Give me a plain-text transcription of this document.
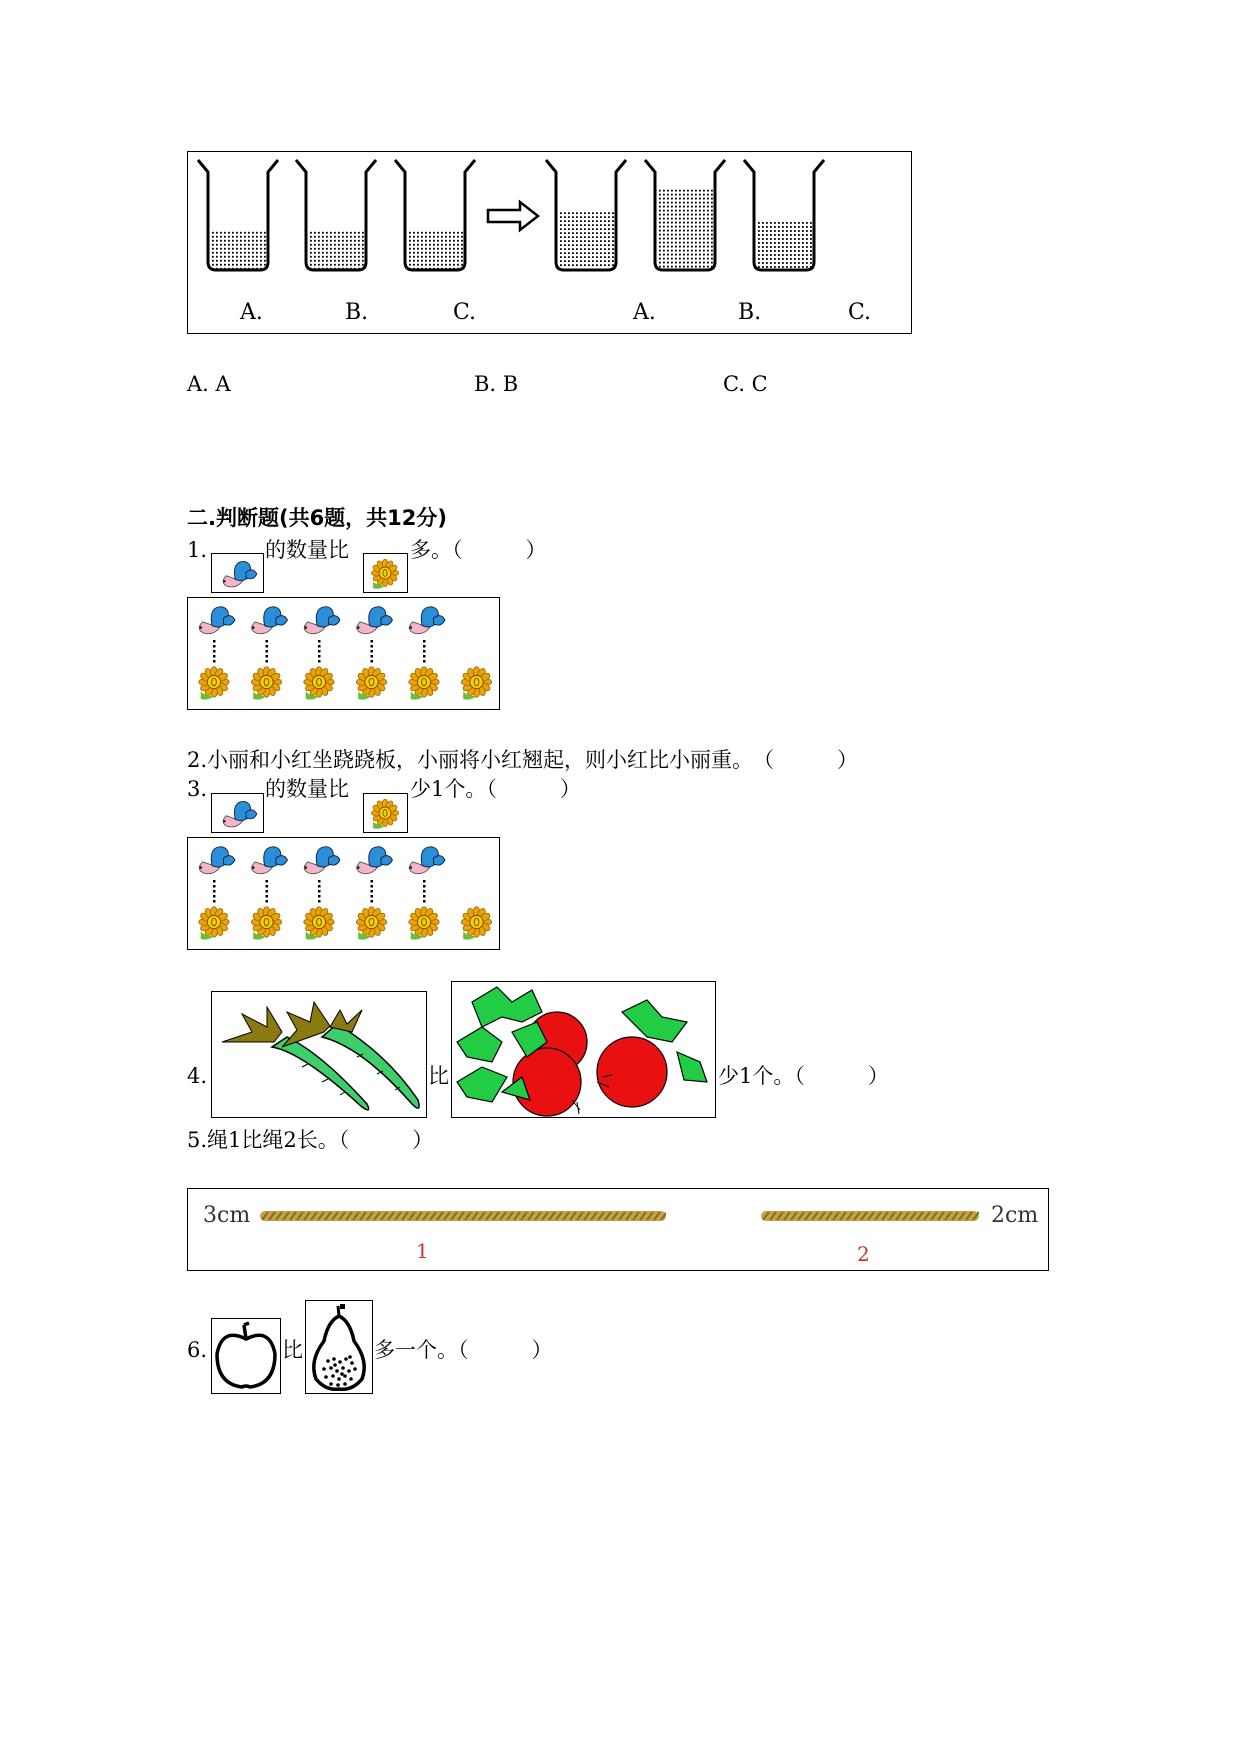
A.	B.	C.	A.	B.	C.
A. A	B. B	C. C
二.判断题(共6题，共12分)
1.	的数量比	多。（　　　）
2.小丽和小红坐跷跷板，小丽将小红翘起，则小红比小丽重。　（　　　）
3.	的数量比	少1个。（　　　）
4.	比	少1个。（　　　）
5.绳1比绳2长。（　　　）
3cm
1
2cm
2
6.	比	多一个。（　　　）
